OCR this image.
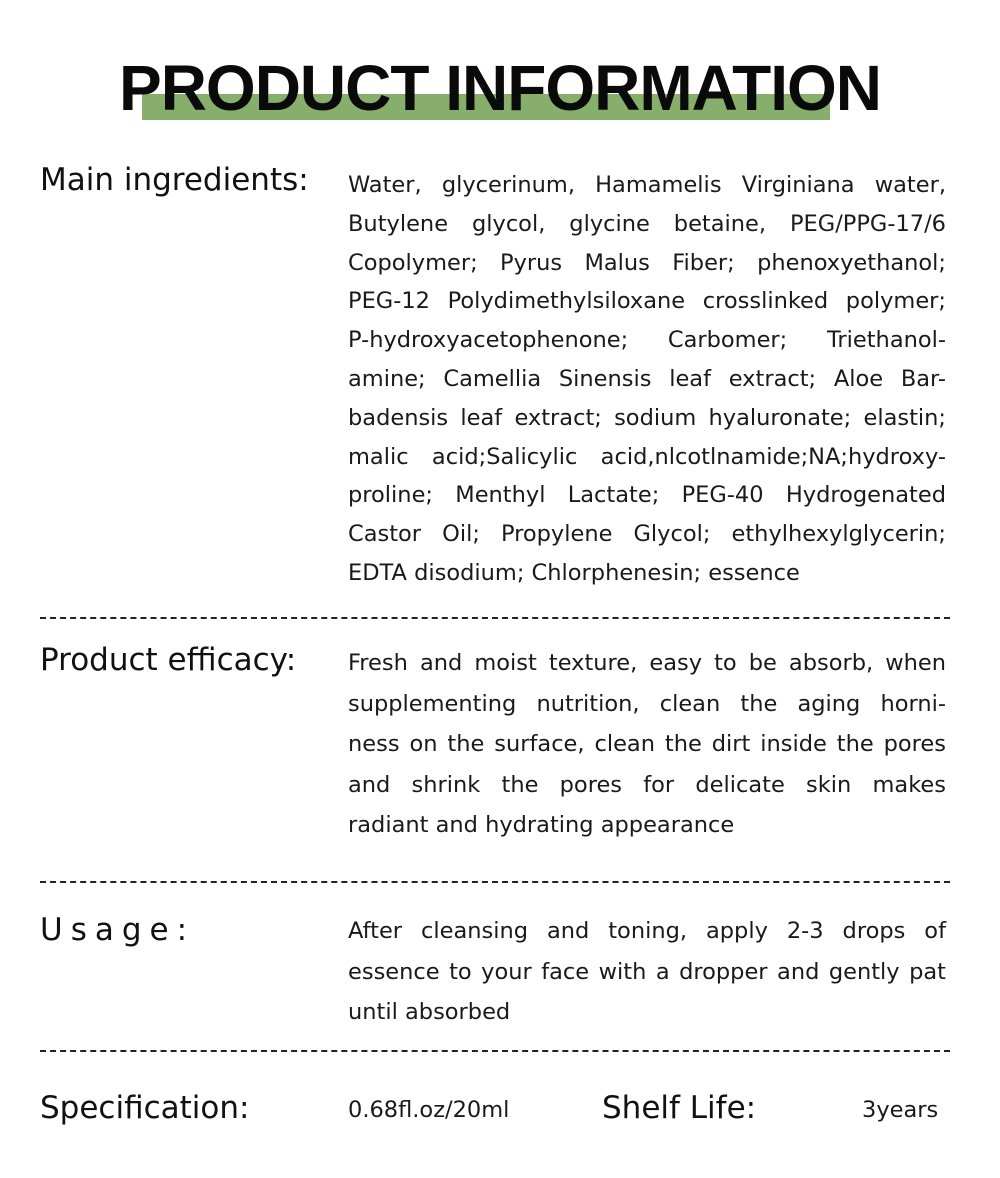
PRODUCT INFORMATION
Main ingredients: Water, glycerinum, Hamamelis Virginiana water,
Butylene glycol, glycine betaine, PEG/PPG-17/6
Copolymer; Pyrus Malus Fiber; phenoxyethanol;
PEG-12 Polydimethylsiloxane crosslinked polymer;
P-hydroxyacetophenone; Carbomer; Triethanol-
amine; Camellia Sinensis leaf extract; Aloe Bar-
badensis leaf extract; sodium hyaluronate; elastin;
malic acid;Salicylic acid,nlcotlnamide;NA;hydroxy-
proline; Menthyl Lactate; PEG-40 Hydrogenated
Castor Oil; Propylene Glycol; ethylhexylglycerin;
EDTA disodium; Chlorphenesin; essence
Product efficacy: Fresh and moist texture, easy to be absorb, when
supplementing nutrition, clean the aging horni-
ness on the surface, clean the dirt inside the pores
and shrink the pores for delicate skin makes
radiant and hydrating appearance
Usage:	After cleansing and toning, apply 2-3 drops of
essence to your face with a dropper and gently pat
until absorbed
Specification:	0.68fl.oz/20ml	Shelf Life:	3years
